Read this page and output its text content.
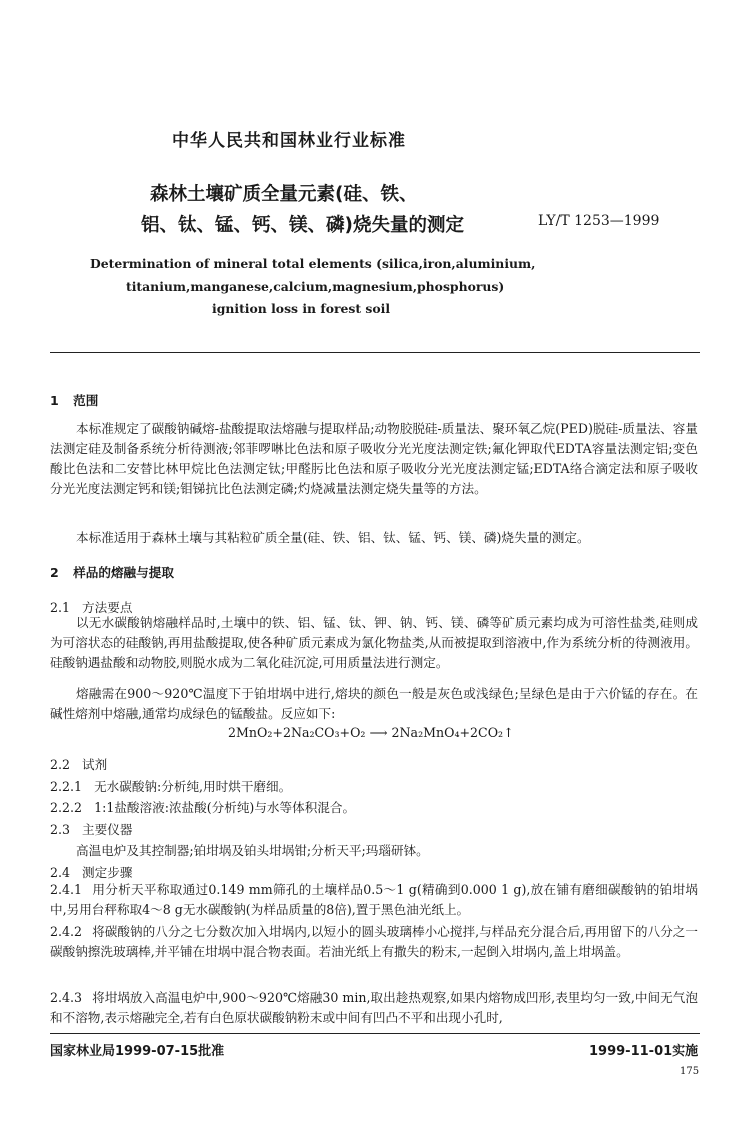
中华人民共和国林业行业标准
森林土壤矿质全量元素(硅、铁、
铝、钛、锰、钙、镁、磷)烧失量的测定	LY/T 1253—1999
Determination of mineral total elements (silica,iron,aluminium,
titanium,manganese,calcium,magnesium,phosphorus)
ignition loss in forest soil
1 范围
本标准规定了碳酸钠碱熔-盐酸提取法熔融与提取样品;动物胶脱硅-质量法、聚环氧乙烷(PED)脱硅-质量法、容量法测定硅及制备系统分析待测液;邻菲啰啉比色法和原子吸收分光光度法测定铁;氟化钾取代EDTA容量法测定铝;变色酸比色法和二安替比林甲烷比色法测定钛;甲醛肟比色法和原子吸收分光光度法测定锰;EDTA络合滴定法和原子吸收分光光度法测定钙和镁;钼锑抗比色法测定磷;灼烧减量法测定烧失量等的方法。
本标准适用于森林土壤与其粘粒矿质全量(硅、铁、铝、钛、锰、钙、镁、磷)烧失量的测定。
2 样品的熔融与提取
2.1 方法要点
以无水碳酸钠熔融样品时,土壤中的铁、铝、锰、钛、钾、钠、钙、镁、磷等矿质元素均成为可溶性盐类,硅则成为可溶状态的硅酸钠,再用盐酸提取,使各种矿质元素成为氯化物盐类,从而被提取到溶液中,作为系统分析的待测液用。硅酸钠遇盐酸和动物胶,则脱水成为二氧化硅沉淀,可用质量法进行测定。
熔融需在900～920℃温度下于铂坩埚中进行,熔块的颜色一般是灰色或浅绿色;呈绿色是由于六价锰的存在。在碱性熔剂中熔融,通常均成绿色的锰酸盐。反应如下:
2MnO₂+2Na₂CO₃+O₂ ⟶ 2Na₂MnO₄+2CO₂↑
2.2 试剂
2.2.1 无水碳酸钠:分析纯,用时烘干磨细。
2.2.2 1:1盐酸溶液:浓盐酸(分析纯)与水等体积混合。
2.3 主要仪器
高温电炉及其控制器;铂坩埚及铂头坩埚钳;分析天平;玛瑙研钵。
2.4 测定步骤
2.4.1 用分析天平称取通过0.149 mm筛孔的土壤样品0.5～1 g(精确到0.000 1 g),放在铺有磨细碳酸钠的铂坩埚中,另用台秤称取4～8 g无水碳酸钠(为样品质量的8倍),置于黑色油光纸上。
2.4.2 将碳酸钠的八分之七分数次加入坩埚内,以短小的圆头玻璃棒小心搅拌,与样品充分混合后,再用留下的八分之一碳酸钠擦洗玻璃棒,并平铺在坩埚中混合物表面。若油光纸上有撒失的粉末,一起倒入坩埚内,盖上坩埚盖。
2.4.3 将坩埚放入高温电炉中,900～920℃熔融30 min,取出趁热观察,如果内熔物成凹形,表里均匀一致,中间无气泡和不溶物,表示熔融完全,若有白色原状碳酸钠粉末或中间有凹凸不平和出现小孔时,
国家林业局1999-07-15批准	1999-11-01实施
175
